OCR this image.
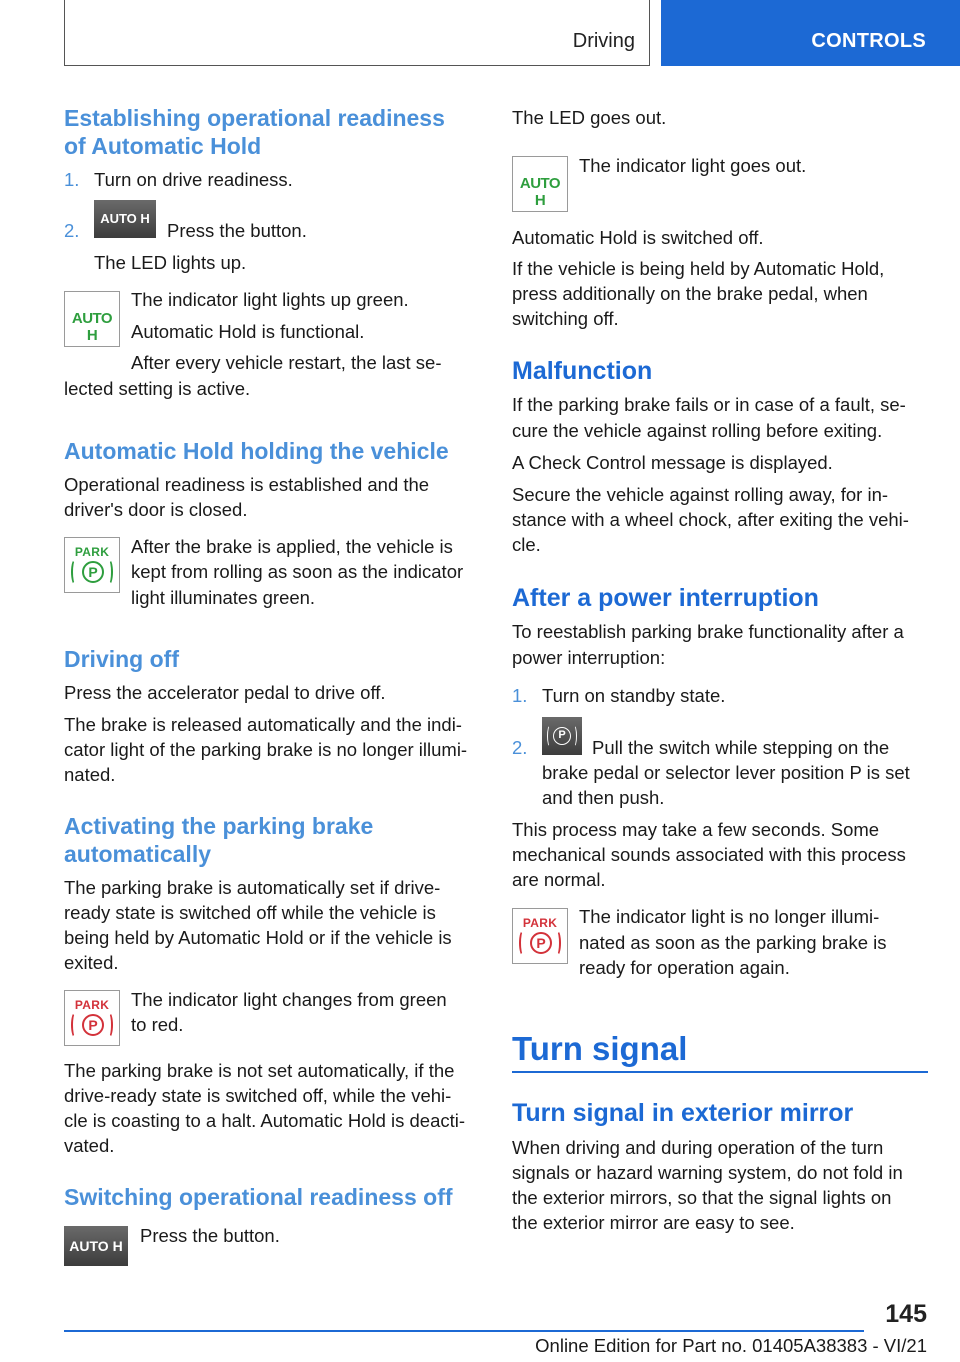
Driving	CONTROLS
Establishing operational readiness
of Automatic Hold
1. Turn on drive readiness.
2.
AUTO H
Press the button.
The LED lights up.
AUTO H
The indicator light lights up green.
Automatic Hold is functional.
After every vehicle restart, the last se-
lected setting is active.
Automatic Hold holding the vehicle
Operational readiness is established and the
driver's door is closed.
PARK
P
After the brake is applied, the vehicle is
kept from rolling as soon as the indicator
light illuminates green.
Driving off
Press the accelerator pedal to drive off.
The brake is released automatically and the indi-
cator light of the parking brake is no longer illumi-
nated.
Activating the parking brake
automatically
The parking brake is automatically set if drive-
ready state is switched off while the vehicle is
being held by Automatic Hold or if the vehicle is
exited.
PARK
P
The indicator light changes from green
to red.
The parking brake is not set automatically, if the
drive-ready state is switched off, while the vehi-
cle is coasting to a halt. Automatic Hold is deacti-
vated.
Switching operational readiness off
AUTO H Press the button.
The LED goes out.
AUTO H
The indicator light goes out.
Automatic Hold is switched off.
If the vehicle is being held by Automatic Hold,
press additionally on the brake pedal, when
switching off.
Malfunction
If the parking brake fails or in case of a fault, se-
cure the vehicle against rolling before exiting.
A Check Control message is displayed.
Secure the vehicle against rolling away, for in-
stance with a wheel chock, after exiting the vehi-
cle.
After a power interruption
To reestablish parking brake functionality after a
power interruption:
1. Turn on standby state.
2.
P
Pull the switch while stepping on the
brake pedal or selector lever position P is set
and then push.
This process may take a few seconds. Some
mechanical sounds associated with this process
are normal.
PARK
P
The indicator light is no longer illumi-
nated as soon as the parking brake is
ready for operation again.
Turn signal
Turn signal in exterior mirror
When driving and during operation of the turn
signals or hazard warning system, do not fold in
the exterior mirrors, so that the signal lights on
the exterior mirror are easy to see.
145
Online Edition for Part no. 01405A38383 - VI/21
